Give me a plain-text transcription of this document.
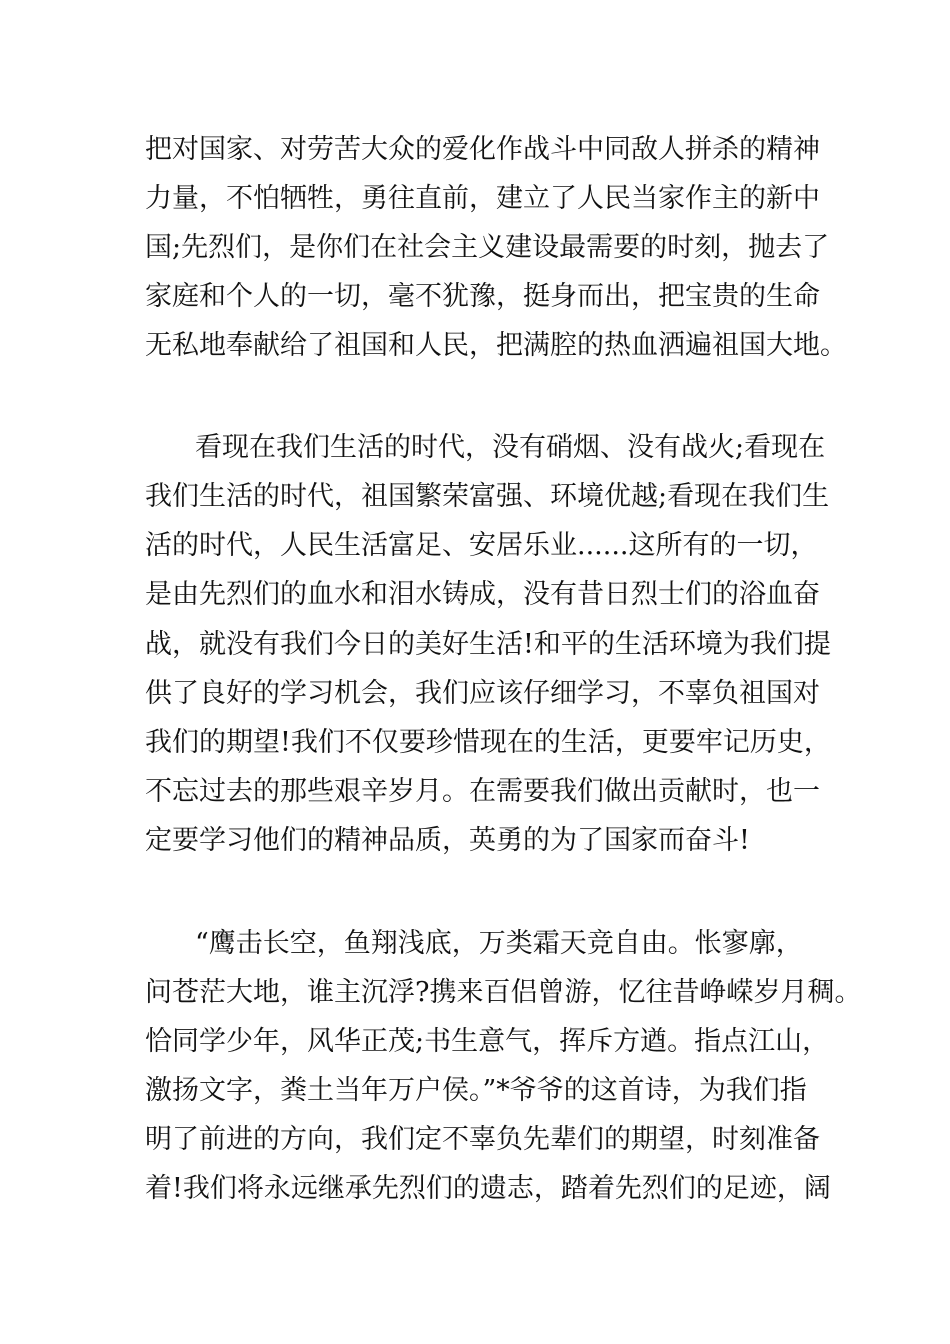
把对国家、对劳苦大众的爱化作战斗中同敌人拼杀的精神
力量，不怕牺牲，勇往直前，建立了人民当家作主的新中
国;先烈们，是你们在社会主义建设最需要的时刻，抛去了
家庭和个人的一切，毫不犹豫，挺身而出，把宝贵的生命
无私地奉献给了祖国和人民，把满腔的热血洒遍祖国大地。
看现在我们生活的时代，没有硝烟、没有战火;看现在
我们生活的时代，祖国繁荣富强、环境优越;看现在我们生
活的时代，人民生活富足、安居乐业......这所有的一切，
是由先烈们的血水和泪水铸成，没有昔日烈士们的浴血奋
战，就没有我们今日的美好生活!和平的生活环境为我们提
供了良好的学习机会，我们应该仔细学习，不辜负祖国对
我们的期望!我们不仅要珍惜现在的生活，更要牢记历史，
不忘过去的那些艰辛岁月。在需要我们做出贡献时，也一
定要学习他们的精神品质，英勇的为了国家而奋斗!
“鹰击长空，鱼翔浅底，万类霜天竞自由。怅寥廓，
问苍茫大地，谁主沉浮?携来百侣曾游，忆往昔峥嵘岁月稠。
恰同学少年，风华正茂;书生意气，挥斥方遒。指点江山，
激扬文字，粪土当年万户侯。”*爷爷的这首诗，为我们指
明了前进的方向，我们定不辜负先辈们的期望，时刻准备
着!我们将永远继承先烈们的遗志，踏着先烈们的足迹，阔
